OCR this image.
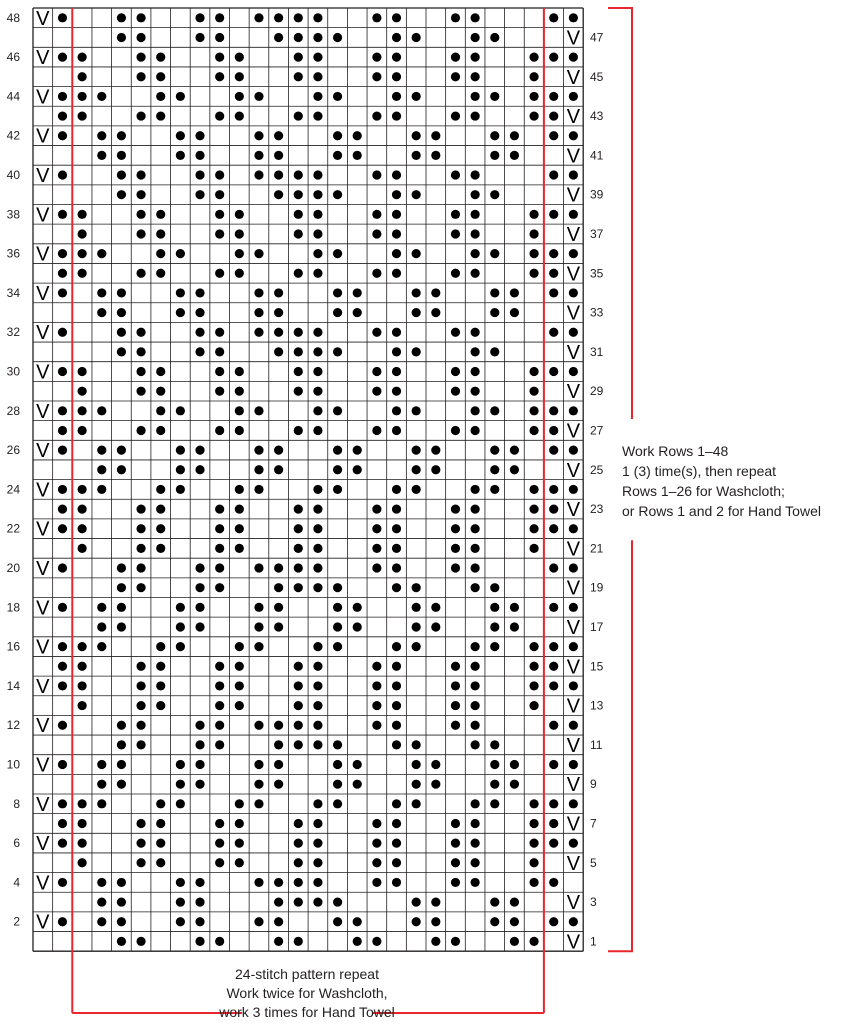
V
V
V
V
V
V
V
V
V
V
V
V
V
V
V
V
V
V
V
V
V
V
V
V
V
V
V
V
V
V
V
V
V
V
V
V
V
V
V
V
V
V
V
V
V
V
V
V
48
46
44
42
40
38
36
34
32
30
28
26
24
22
20
18
16
14
12
10
8
6
4
2
47
45
43
41
39
37
35
33
31
29
27
25
23
21
19
17
15
13
11
9
7
5
3
1
Work Rows 1–48
1 (3) time(s), then repeat
Rows 1–26 for Washcloth;
or Rows 1 and 2 for Hand Towel
24-stitch pattern repeat
Work twice for Washcloth,
work 3 times for Hand Towel
